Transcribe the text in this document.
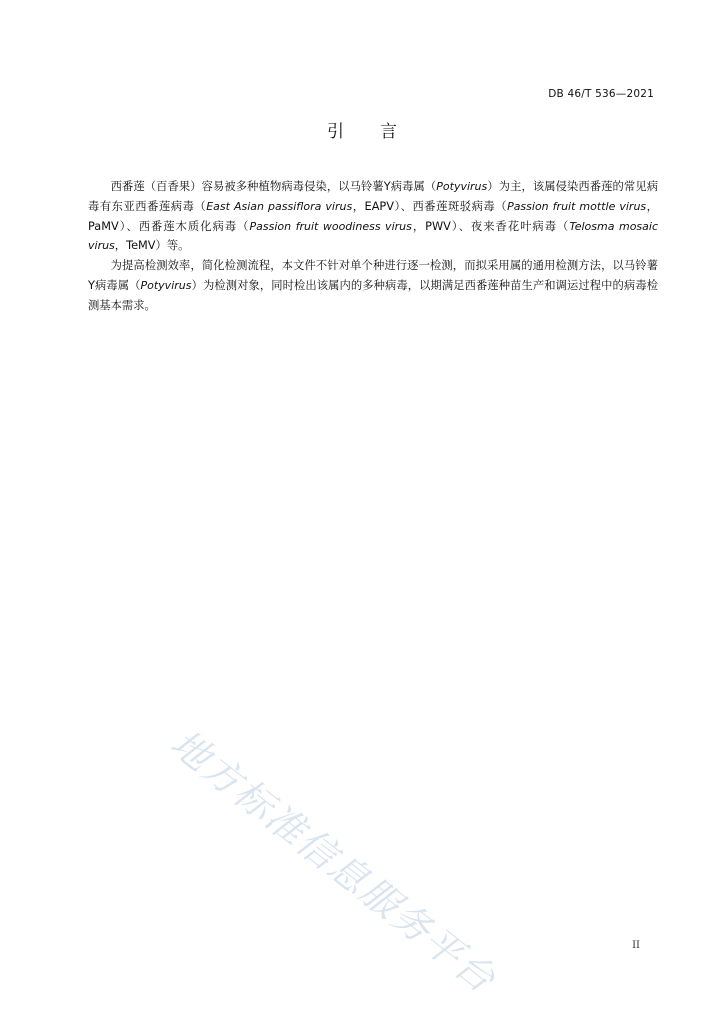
DB 46/T 536—2021
引 言

西番莲（百香果）容易被多种植物病毒侵染，以马铃薯Y病毒属（Potyvirus）为主，该属侵染西番莲的常见病毒有东亚西番莲病毒（East Asian passiflora virus，EAPV）、西番莲斑驳病毒（Passion fruit mottle virus，PaMV）、西番莲木质化病毒（Passion fruit woodiness virus，PWV）、夜来香花叶病毒（Telosma mosaic virus，TeMV）等。

为提高检测效率，简化检测流程，本文件不针对单个种进行逐一检测，而拟采用属的通用检测方法，以马铃薯Y病毒属（Potyvirus）为检测对象，同时检出该属内的多种病毒，以期满足西番莲种苗生产和调运过程中的病毒检测基本需求。

地方标准信息服务平台	II
